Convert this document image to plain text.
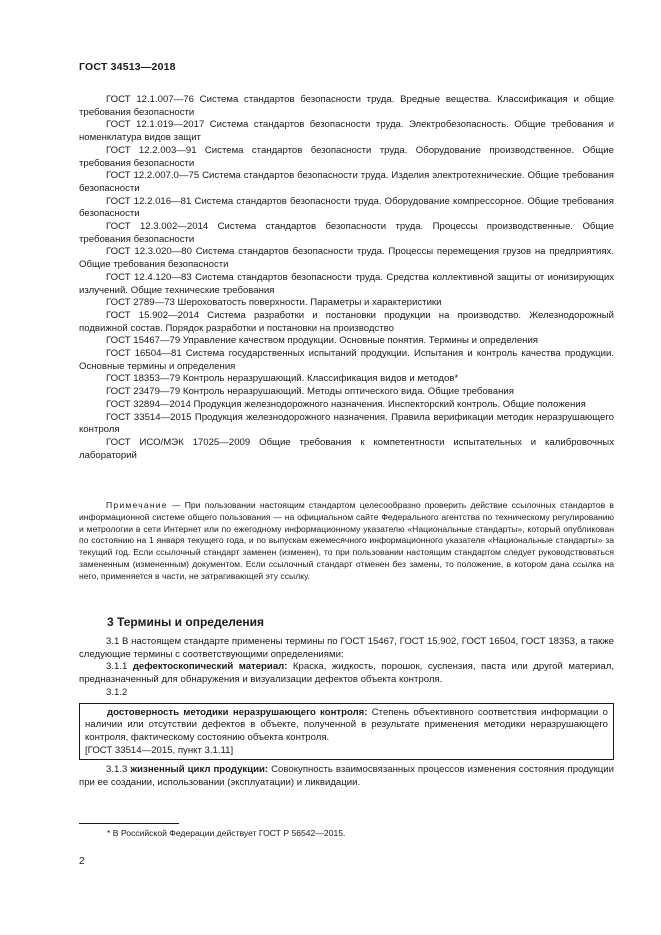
ГОСТ 34513—2018
ГОСТ 12.1.007—76 Система стандартов безопасности труда. Вредные вещества. Классификация и общие требования безопасности
ГОСТ 12.1.019—2017 Система стандартов безопасности труда. Электробезопасность. Общие требования и номенклатура видов защит
ГОСТ 12.2.003—91 Система стандартов безопасности труда. Оборудование производственное. Общие требования безопасности
ГОСТ 12.2.007.0—75 Система стандартов безопасности труда. Изделия электротехнические. Общие требования безопасности
ГОСТ 12.2.016—81 Система стандартов безопасности труда. Оборудование компрессорное. Общие требования безопасности
ГОСТ 12.3.002—2014 Система стандартов безопасности труда. Процессы производственные. Общие требования безопасности
ГОСТ 12.3.020—80 Система стандартов безопасности труда. Процессы перемещения грузов на предприятиях. Общие требования безопасности
ГОСТ 12.4.120—83 Система стандартов безопасности труда. Средства коллективной защиты от ионизирующих излучений. Общие технические требования
ГОСТ 2789—73 Шероховатость поверхности. Параметры и характеристики
ГОСТ 15.902—2014 Система разработки и постановки продукции на производство. Железнодорожный подвижной состав. Порядок разработки и постановки на производство
ГОСТ 15467—79 Управление качеством продукции. Основные понятия. Термины и определения
ГОСТ 16504—81 Система государственных испытаний продукции. Испытания и контроль качества продукции. Основные термины и определения
ГОСТ 18353—79 Контроль неразрушающий. Классификация видов и методов*
ГОСТ 23479—79 Контроль неразрушающий. Методы оптического вида. Общие требования
ГОСТ 32894—2014 Продукция железнодорожного назначения. Инспекторский контроль. Общие положения
ГОСТ 33514—2015 Продукция железнодорожного назначения. Правила верификации методик неразрушающего контроля
ГОСТ ИСО/МЭК 17025—2009 Общие требования к компетентности испытательных и калибровочных лабораторий
Примечание — При пользовании настоящим стандартом целесообразно проверить действие ссылочных стандартов в информационной системе общего пользования — на официальном сайте Федерального агентства по техническому регулированию и метрологии в сети Интернет или по ежегодному информационному указателю «Национальные стандарты», который опубликован по состоянию на 1 января текущего года, и по выпускам ежемесячного информационного указателя «Национальные стандарты» за текущий год. Если ссылочный стандарт заменен (изменен), то при пользовании настоящим стандартом следует руководствоваться замененным (измененным) документом. Если ссылочный стандарт отменен без замены, то положение, в котором дана ссылка на него, применяется в части, не затрагивающей эту ссылку.
3 Термины и определения
3.1 В настоящем стандарте применены термины по ГОСТ 15467, ГОСТ 15.902, ГОСТ 16504, ГОСТ 18353, а также следующие термины с соответствующими определениями:
3.1.1 дефектоскопический материал: Краска, жидкость, порошок, суспензия, паста или другой материал, предназначенный для обнаружения и визуализации дефектов объекта контроля.
3.1.2
достоверность методики неразрушающего контроля: Степень объективного соответствия информации о наличии или отсутствии дефектов в объекте, полученной в результате применения методики неразрушающего контроля, фактическому состоянию объекта контроля.
[ГОСТ 33514—2015, пункт 3.1.11]
3.1.3 жизненный цикл продукции: Совокупность взаимосвязанных процессов изменения состояния продукции при ее создании, использовании (эксплуатации) и ликвидации.
* В Российской Федерации действует ГОСТ Р 56542—2015.
2
